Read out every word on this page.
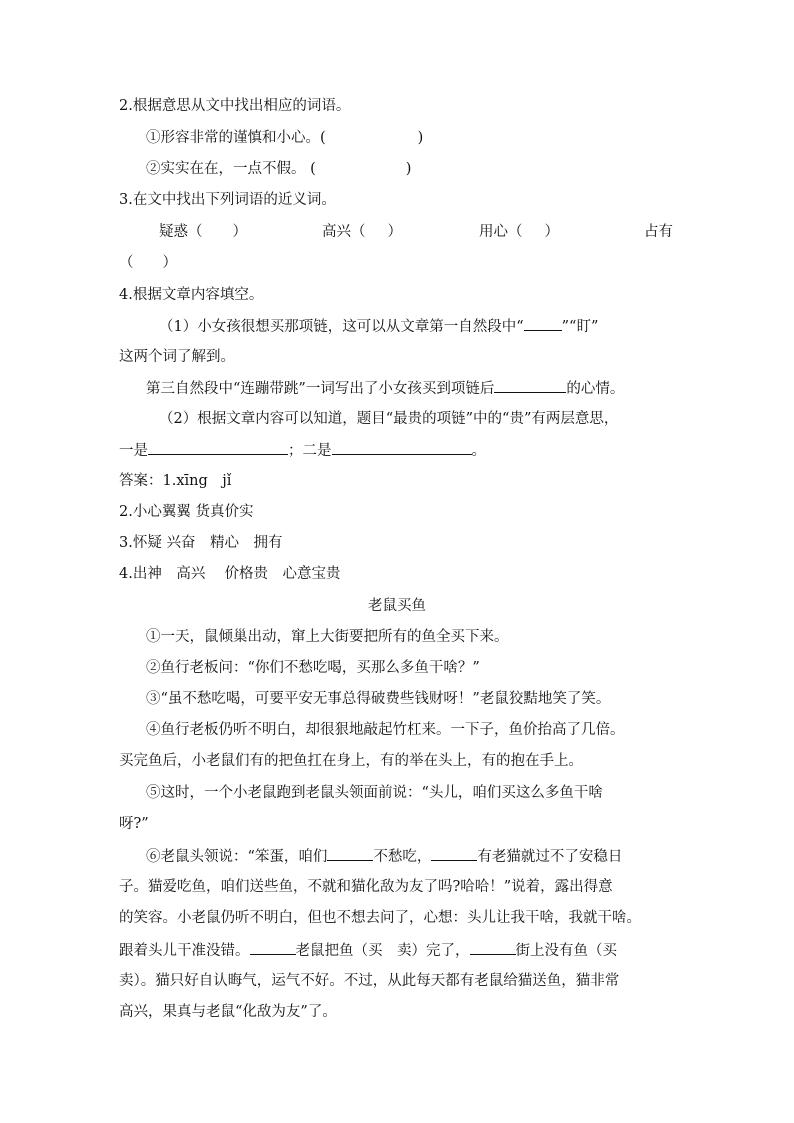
2.根据意思从文中找出相应的词语。
①形容非常的谨慎和小心。(	)
②实实在在，一点不假。 (	)
3.在文中找出下列词语的近义词。
疑惑（ ）	高兴（ ）	用心（ ）	占有
（　　）
4.根据文章内容填空。
（1）小女孩很想买那项链，这可以从文章第一自然段中“	”“盯”
这两个词了解到。
第三自然段中“连蹦带跳”一词写出了小女孩买到项链后	的心情。
（2）根据文章内容可以知道，题目“最贵的项链”中的“贵”有两层意思，
一是	；二是	。
答案：1.xīng　jǐ
2.小心翼翼 货真价实
3.怀疑 兴奋　精心　拥有
4.出神　高兴　 价格贵　心意宝贵
老鼠买鱼
①一天，鼠倾巢出动，窜上大街要把所有的鱼全买下来。
②鱼行老板问：“你们不愁吃喝，买那么多鱼干啥？”
③“虽不愁吃喝，可要平安无事总得破费些钱财呀！”老鼠狡黠地笑了笑。
④鱼行老板仍听不明白，却很狠地敲起竹杠来。一下子，鱼价抬高了几倍。
买完鱼后，小老鼠们有的把鱼扛在身上，有的举在头上，有的抱在手上。
⑤这时，一个小老鼠跑到老鼠头领面前说：“头儿，咱们买这么多鱼干啥
呀?”
⑥老鼠头领说：“笨蛋，咱们	不愁吃，	有老猫就过不了安稳日
子。猫爱吃鱼，咱们送些鱼，不就和猫化敌为友了吗?哈哈！”说着，露出得意
的笑容。小老鼠仍听不明白，但也不想去问了，心想：头儿让我干啥，我就干啥。
跟着头儿干准没错。	老鼠把鱼（买　卖）完了，	街上没有鱼（买
卖）。猫只好自认晦气，运气不好。不过，从此每天都有老鼠给猫送鱼，猫非常
高兴，果真与老鼠“化敌为友”了。
